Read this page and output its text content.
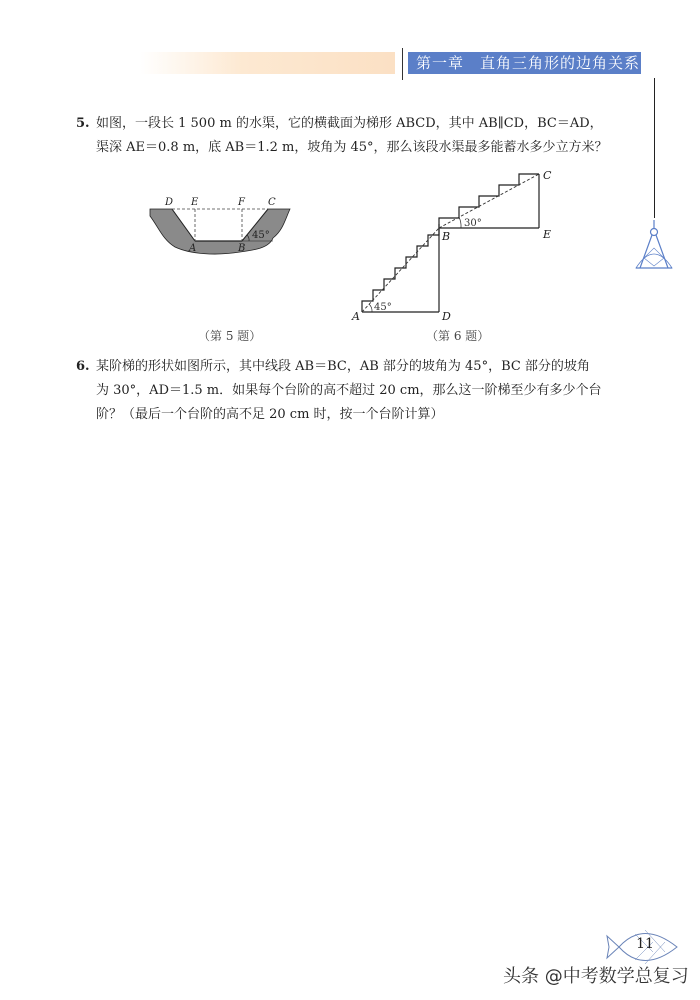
第一章 直角三角形的边角关系
5. 如图，一段长 1 500 m 的水渠，它的横截面为梯形 ABCD，其中 AB∥CD，BC＝AD，
渠深 AE＝0.8 m，底 AB＝1.2 m，坡角为 45°，那么该段水渠最多能蓄水多少立方米？
D E	F C
A	B
45°
A	D
B	E
C
45°
30°
（第 5 题）	（第 6 题）
6. 某阶梯的形状如图所示，其中线段 AB＝BC，AB 部分的坡角为 45°，BC 部分的坡角
为 30°，AD＝1.5 m．如果每个台阶的高不超过 20 cm，那么这一阶梯至少有多少个台
阶？（最后一个台阶的高不足 20 cm 时，按一个台阶计算）
11
头条 @中考数学总复习
